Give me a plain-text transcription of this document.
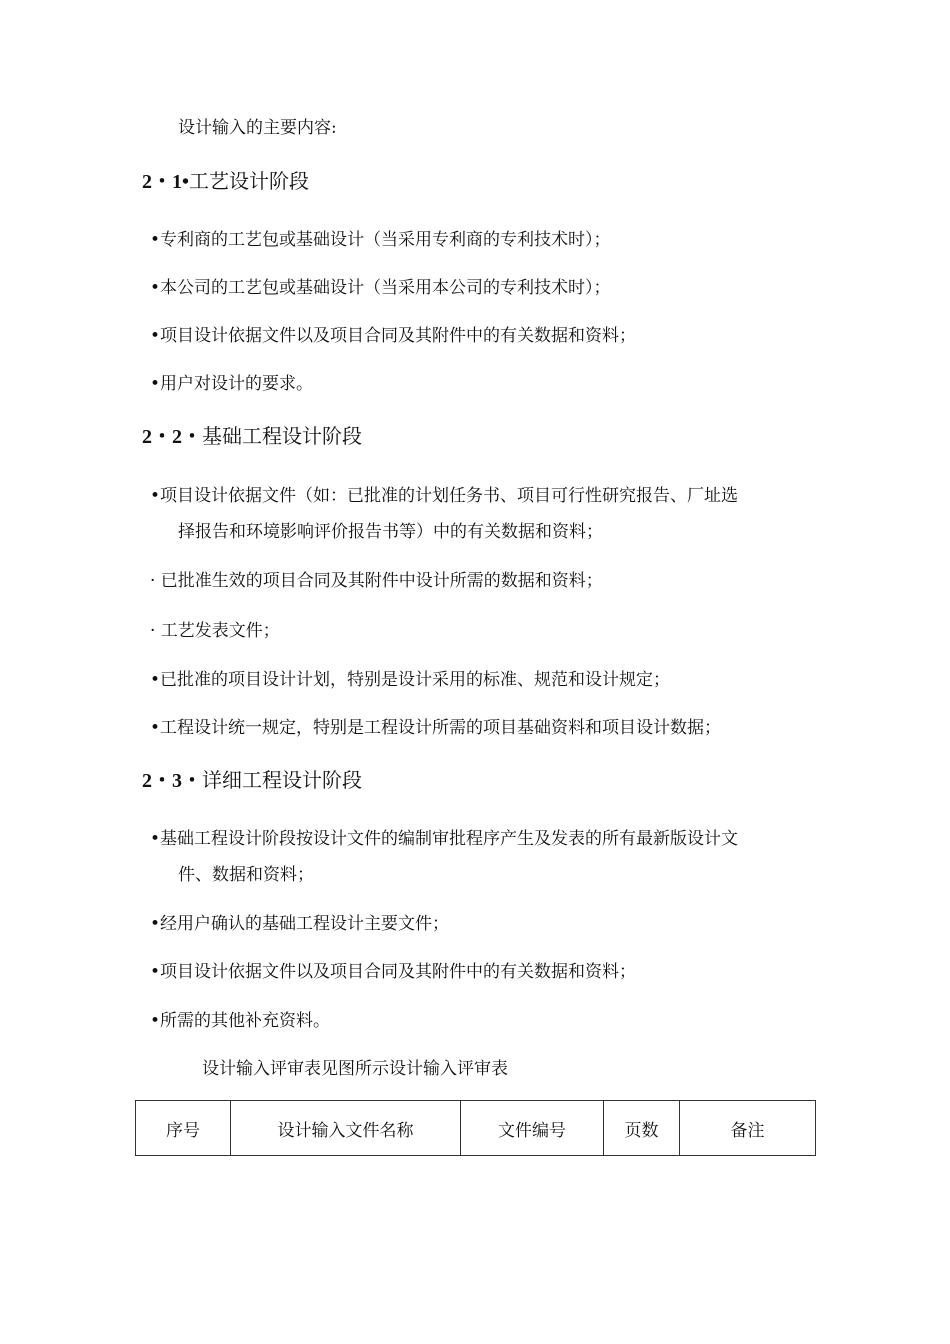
设计输入的主要内容:
2・1•工艺设计阶段
•专利商的工艺包或基础设计（当采用专利商的专利技术时）；
•本公司的工艺包或基础设计（当采用本公司的专利技术时）；
•项目设计依据文件以及项目合同及其附件中的有关数据和资料；
•用户对设计的要求。
2・2・基础工程设计阶段
•项目设计依据文件（如：已批准的计划任务书、项目可行性研究报告、厂址选
择报告和环境影响评价报告书等）中的有关数据和资料；
· 已批准生效的项目合同及其附件中设计所需的数据和资料；
· 工艺发表文件；
•已批准的项目设计计划，特别是设计采用的标准、规范和设计规定；
•工程设计统一规定，特别是工程设计所需的项目基础资料和项目设计数据；
2・3・详细工程设计阶段
•基础工程设计阶段按设计文件的编制审批程序产生及发表的所有最新版设计文
件、数据和资料；
•经用户确认的基础工程设计主要文件；
•项目设计依据文件以及项目合同及其附件中的有关数据和资料；
•所需的其他补充资料。
设计输入评审表见图所示设计输入评审表
序号	设计输入文件名称	文件编号	页数	备注
